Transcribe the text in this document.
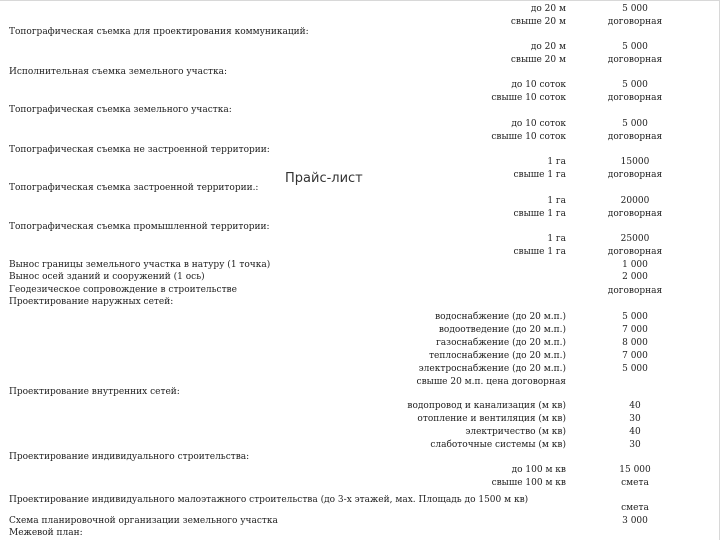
Прайс-лист
Топографическая съемка для проектирования коммуникаций:
Исполнительная съемка земельного участка:
Топографическая съемка земельного участка:
Топографическая съемка не застроенной территории:
Топографическая съемка застроенной территории.:
Топографическая съемка промышленной территории:
Вынос границы земельного участка в натуру (1 точка)
Вынос осей зданий и сооружений (1 ось)
Геодезическое сопровождение в строительстве
Проектирование наружных сетей:
Проектирование внутренних сетей:
Проектирование индивидуального строительства:
Проектирование индивидуального малоэтажного строительства (до 3-х этажей, мах. Площадь до 1500 м кв)
Схема планировочной организации земельного участка
Межевой план:
до 20 м
свыше 20 м
до 20 м
свыше 20 м
до 10 соток
свыше 10 соток
до 10 соток
свыше 10 соток
1 га
свыше 1 га
1 га
свыше 1 га
1 га
свыше 1 га
водоснабжение (до 20 м.п.)
водоотведение (до 20 м.п.)
газоснабжение (до 20 м.п.)
теплоснабжение (до 20 м.п.)
электроснабжение (до 20 м.п.)
свыше 20 м.п. цена договорная
водопровод и канализация (м кв)
отопление и вентиляция (м кв)
электричество (м кв)
слаботочные системы (м кв)
до 100 м кв
свыше 100 м кв
5 000
договорная
5 000
договорная
5 000
договорная
5 000
договорная
15000
договорная
20000
договорная
25000
договорная
1 000
2 000
договорная
5 000
7 000
8 000
7 000
5 000
40
30
40
30
15 000
смета
смета
3 000
